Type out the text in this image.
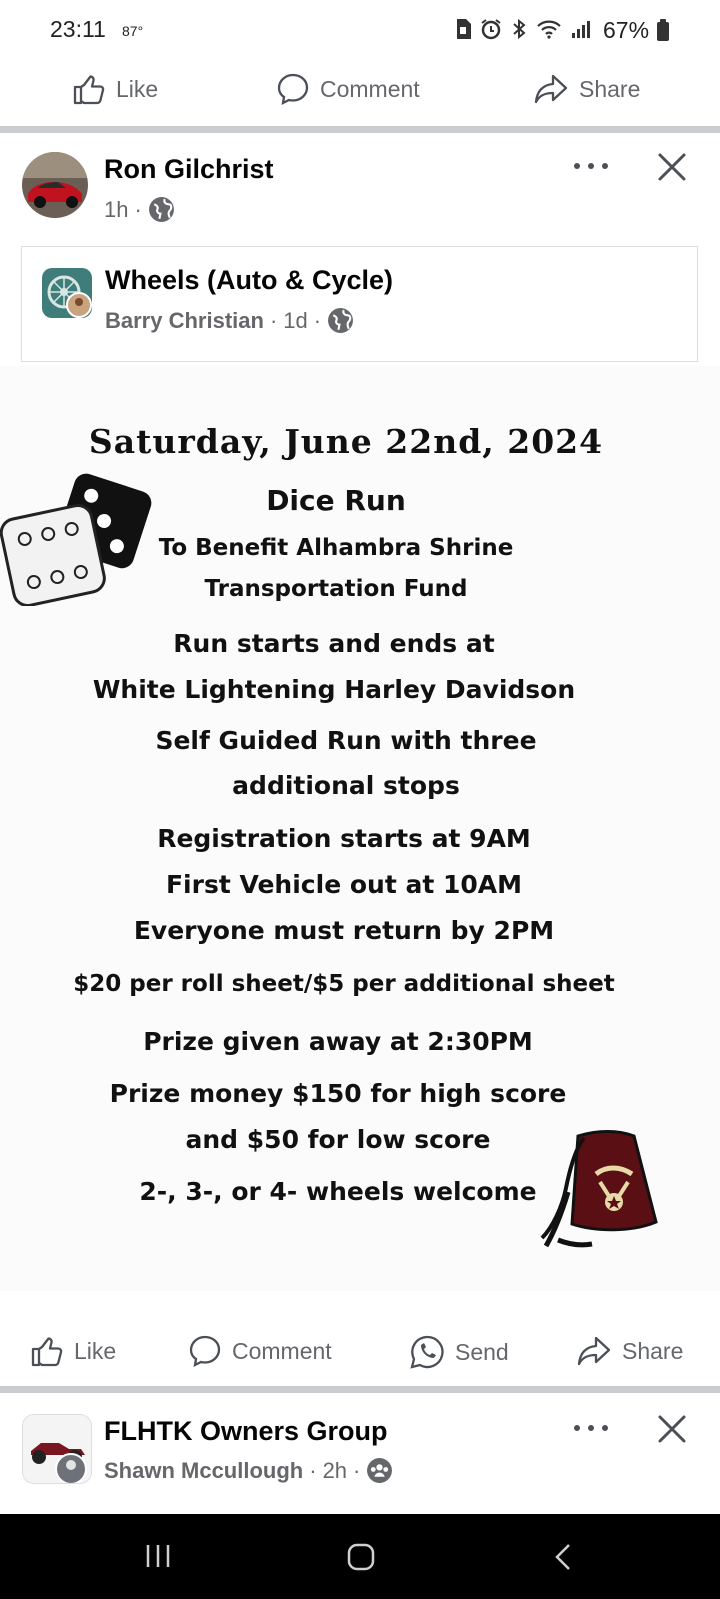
23:11 87°	67%
Like	Comment	Share
Ron Gilchrist
1h ·
Wheels (Auto & Cycle)
Barry Christian · 1d ·
Saturday, June 22nd, 2024
Dice Run
To Benefit Alhambra Shrine
Transportation Fund
Run starts and ends at
White Lightening Harley Davidson
Self Guided Run with three
additional stops
Registration starts at 9AM
First Vehicle out at 10AM
Everyone must return by 2PM
$20 per roll sheet/$5 per additional sheet
Prize given away at 2:30PM
Prize money $150 for high score
and $50 for low score
2-, 3-, or 4- wheels welcome
Like	Comment	Send	Share
FLHTK Owners Group
Shawn Mccullough · 2h ·
